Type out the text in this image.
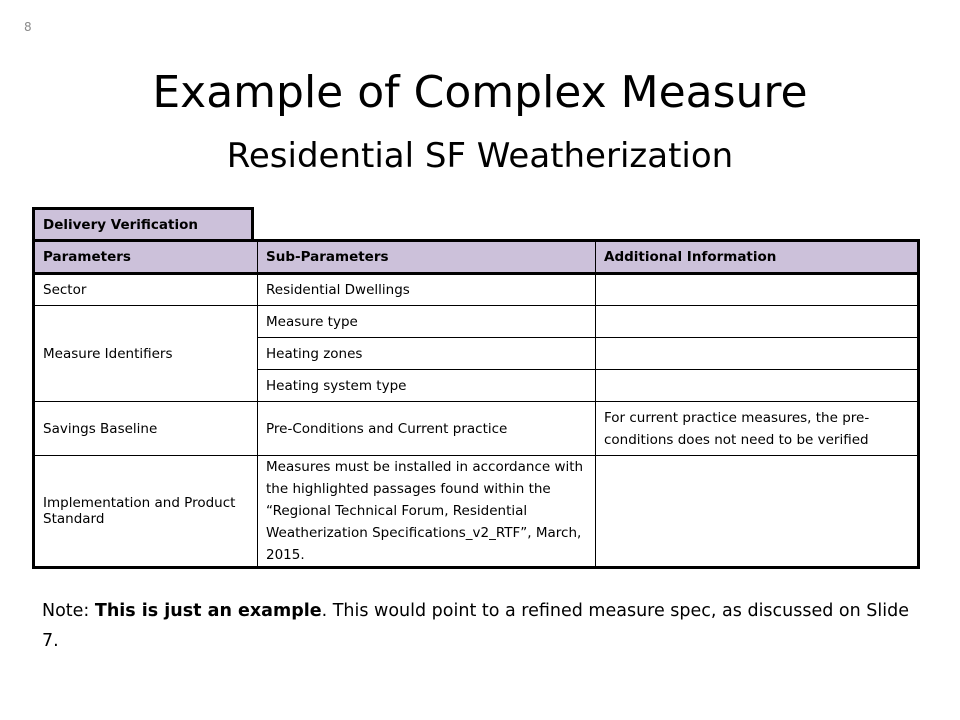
8
Example of Complex Measure
Residential SF Weatherization
Delivery Verification
Parameters	Sub-Parameters	Additional Information
Sector	Residential Dwellings	
Measure Identifiers	Measure type	
	Heating zones	
	Heating system type	
Savings Baseline	Pre-Conditions and Current practice	For current practice measures, the pre-conditions does not need to be verified
Implementation and Product Standard	Measures must be installed in accordance with the highlighted passages found within the “Regional Technical Forum, Residential Weatherization Specifications_v2_RTF”, March, 2015.	
Note: This is just an example. This would point to a refined measure spec, as discussed on Slide 7.
